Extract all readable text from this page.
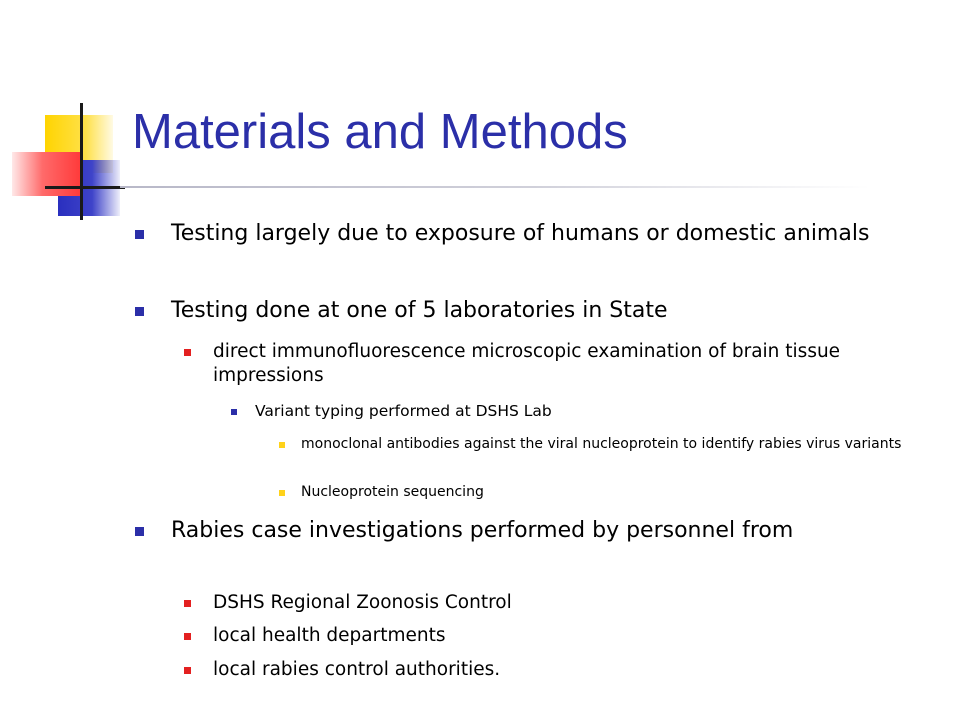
Materials and Methods
Testing largely due to exposure of humans or domestic animals
Testing done at one of 5 laboratories in State
direct immunofluorescence microscopic examination of brain tissue impressions
Variant typing performed at DSHS Lab
monoclonal antibodies against the viral nucleoprotein to identify rabies virus variants
Nucleoprotein sequencing
Rabies case investigations performed by personnel from
DSHS Regional Zoonosis Control
local health departments
local rabies control authorities.
